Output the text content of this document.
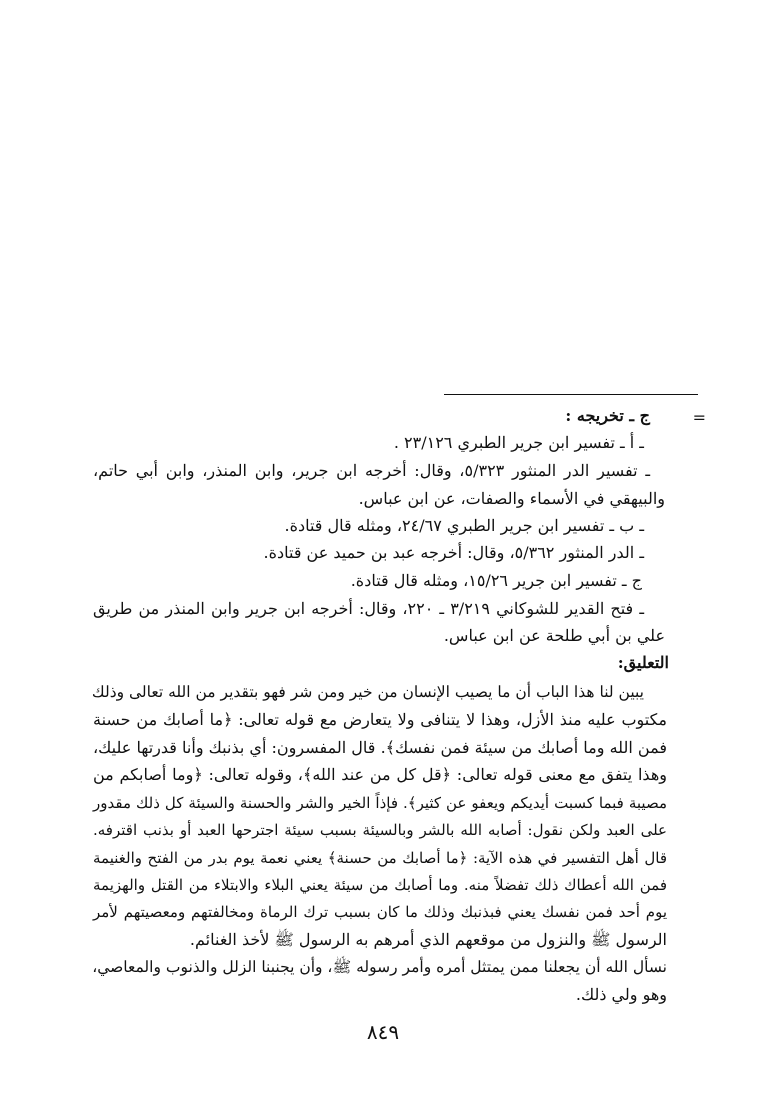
=
ج ـ تخريجه :
ـ أ ـ تفسير ابن جرير الطبري ٢٣/١٢٦ .
ـ تفسير الدر المنثور ٥/٣٢٣، وقال: أخرجه ابن جرير، وابن المنذر، وابن أبي حاتم،
والبيهقي في الأسماء والصفات، عن ابن عباس.
ـ ب ـ تفسير ابن جرير الطبري ٢٤/٦٧، ومثله قال قتادة.
ـ الدر المنثور ٥/٣٦٢، وقال: أخرجه عبد بن حميد عن قتادة.
ج ـ تفسير ابن جرير ١٥/٢٦، ومثله قال قتادة.
ـ فتح القدير للشوكاني ٣/٢١٩ ـ ٢٢٠، وقال: أخرجه ابن جرير وابن المنذر من طريق
علي بن أبي طلحة عن ابن عباس.
التعليق:
يبين لنا هذا الباب أن ما يصيب الإنسان من خير ومن شر فهو بتقدير من الله تعالى وذلك
مكتوب عليه منذ الأزل، وهذا لا يتنافى ولا يتعارض مع قوله تعالى: ﴿ما أصابك من حسنة
فمن الله وما أصابك من سيئة فمن نفسك﴾. قال المفسرون: أي بذنبك وأنا قدرتها عليك،
وهذا يتفق مع معنى قوله تعالى: ﴿قل كل من عند الله﴾، وقوله تعالى: ﴿وما أصابكم من
مصيبة فبما كسبت أيديكم ويعفو عن كثير﴾. فإذاً الخير والشر والحسنة والسيئة كل ذلك مقدور
على العبد ولكن نقول: أصابه الله بالشر وبالسيئة بسبب سيئة اجترحها العبد أو بذنب اقترفه.
قال أهل التفسير في هذه الآية: ﴿ما أصابك من حسنة﴾ يعني نعمة يوم بدر من الفتح والغنيمة
فمن الله أعطاك ذلك تفضلاً منه. وما أصابك من سيئة يعني البلاء والابتلاء من القتل والهزيمة
يوم أحد فمن نفسك يعني فبذنبك وذلك ما كان بسبب ترك الرماة ومخالفتهم ومعصيتهم لأمر
الرسول ﷺ والنزول من موقعهم الذي أمرهم به الرسول ﷺ لأخذ الغنائم.
نسأل الله أن يجعلنا ممن يمتثل أمره وأمر رسوله ﷺ، وأن يجنبنا الزلل والذنوب والمعاصي،
وهو ولي ذلك.
٨٤٩
